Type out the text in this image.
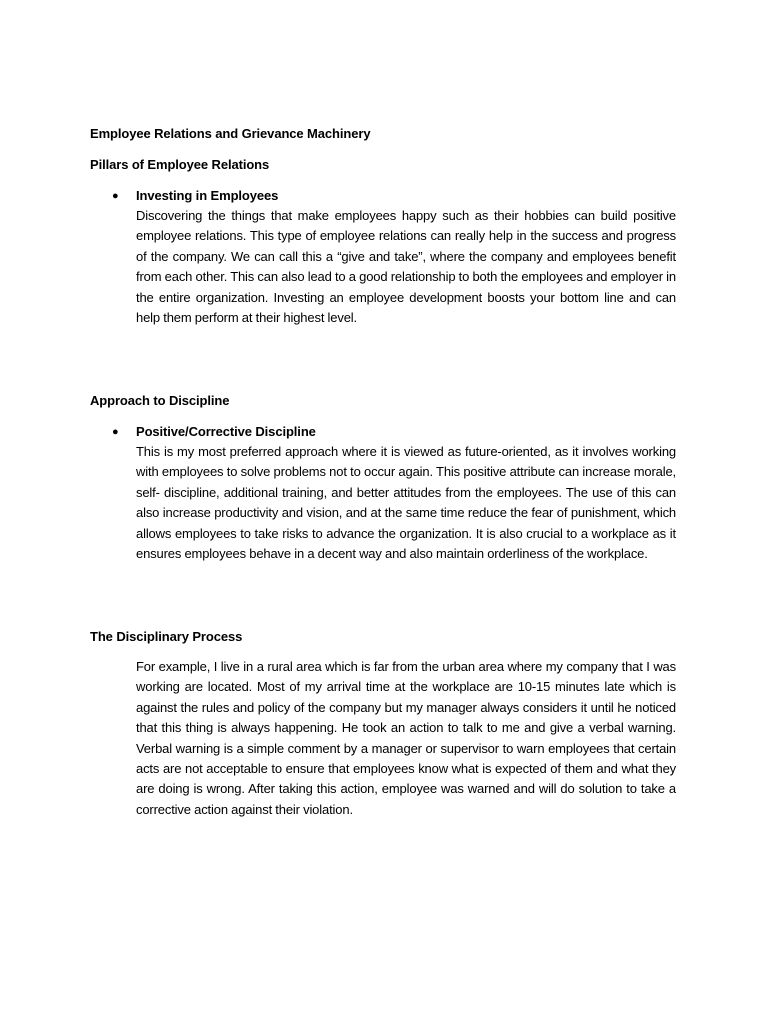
Employee Relations and Grievance Machinery
Pillars of Employee Relations
● Investing in Employees

Discovering the things that make employees happy such as their hobbies can build positive employee relations. This type of employee relations can really help in the success and progress of the company. We can call this a “give and take”, where the company and employees benefit from each other. This can also lead to a good relationship to both the employees and employer in the entire organization. Investing an employee development boosts your bottom line and can help them perform at their highest level.

Approach to Discipline
● Positive/Corrective Discipline

This is my most preferred approach where it is viewed as future-oriented, as it involves working with employees to solve problems not to occur again. This positive attribute can increase morale, self- discipline, additional training, and better attitudes from the employees. The use of this can also increase productivity and vision, and at the same time reduce the fear of punishment, which allows employees to take risks to advance the organization. It is also crucial to a workplace as it ensures employees behave in a decent way and also maintain orderliness of the workplace.

The Disciplinary Process

For example, I live in a rural area which is far from the urban area where my company that I was working are located. Most of my arrival time at the workplace are 10-15 minutes late which is against the rules and policy of the company but my manager always considers it until he noticed that this thing is always happening. He took an action to talk to me and give a verbal warning. Verbal warning is a simple comment by a manager or supervisor to warn employees that certain acts are not acceptable to ensure that employees know what is expected of them and what they are doing is wrong. After taking this action, employee was warned and will do solution to take a corrective action against their violation.
